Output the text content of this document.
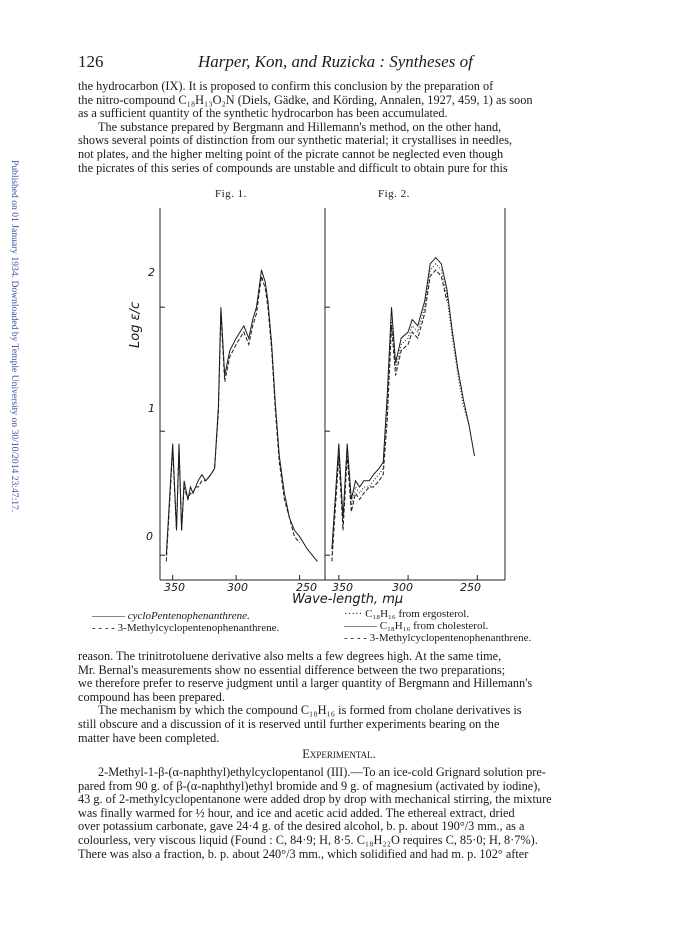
Published on 01 January 1934. Downloaded by Temple University on 30/10/2014 23:47:17.
126	Harper, Kon, and Ruzicka : Syntheses of

the hydrocarbon (IX). It is proposed to confirm this conclusion by the preparation of

the nitro-compound C₁₈H₁₃O₂N (Diels, Gädke, and Körding, Annalen, 1927, 459, 1) as soon

as a sufficient quantity of the synthetic hydrocarbon has been accumulated.

The substance prepared by Bergmann and Hillemann's method, on the other hand,

shows several points of distinction from our synthetic material; it crystallises in needles,

not plates, and the higher melting point of the picrate cannot be neglected even though

the picrates of this series of compounds are unstable and difficult to obtain pure for this

Fig. 1.	Fig. 2.
2
1
0
Log ε/c
350	300	250 350	300	250
Wave-length, mμ
——— cycloPentenophenanthrene.
- - - - 3-Methylcyclopentenophenanthrene.
····· C₁₈H₁₆ from ergosterol.
——— C₁₈H₁₆ from cholesterol.
- - - - 3-Methylcyclopentenophenanthrene.

reason. The trinitrotoluene derivative also melts a few degrees high. At the same time,

Mr. Bernal's measurements show no essential difference between the two preparations;

we therefore prefer to reserve judgment until a larger quantity of Bergmann and Hillemann's

compound has been prepared.

The mechanism by which the compound C₁₈H₁₆ is formed from cholane derivatives is

still obscure and a discussion of it is reserved until further experiments bearing on the

matter have been completed.

Experimental.

2-Methyl-1-β-(α-naphthyl)ethylcyclopentanol (III).—To an ice-cold Grignard solution pre-

pared from 90 g. of β-(α-naphthyl)ethyl bromide and 9 g. of magnesium (activated by iodine),

43 g. of 2-methylcyclopentanone were added drop by drop with mechanical stirring, the mixture

was finally warmed for ½ hour, and ice and acetic acid added. The ethereal extract, dried

over potassium carbonate, gave 24·4 g. of the desired alcohol, b. p. about 190°/3 mm., as a

colourless, very viscous liquid (Found : C, 84·9; H, 8·5. C₁₈H₂₂O requires C, 85·0; H, 8·7%).

There was also a fraction, b. p. about 240°/3 mm., which solidified and had m. p. 102° after
